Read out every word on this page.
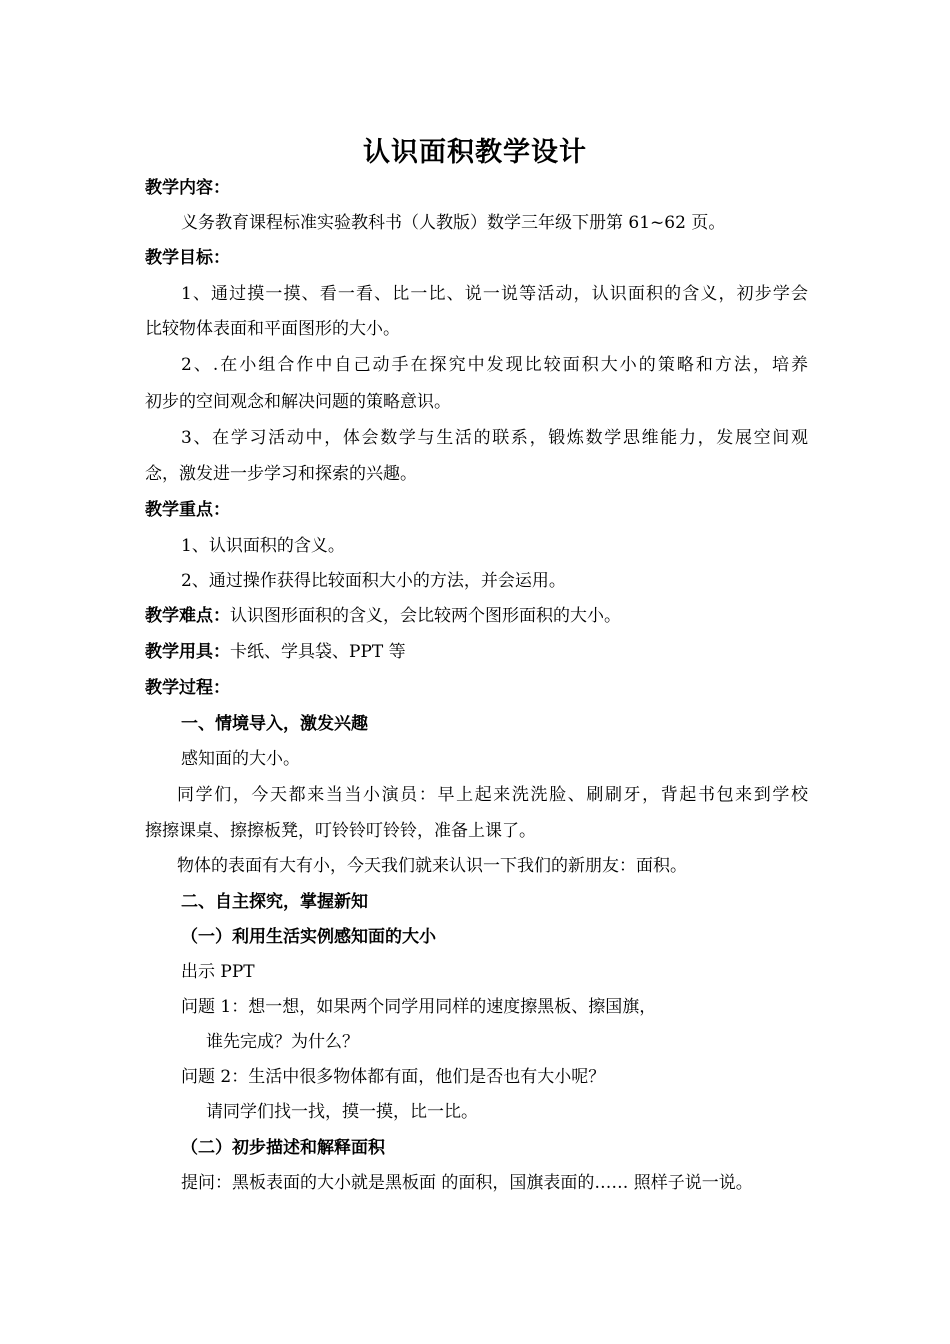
认识面积教学设计
教学内容：
义务教育课程标准实验教科书（人教版）数学三年级下册第 61~62 页。
教学目标：
1、通过摸一摸、看一看、比一比、说一说等活动，认识面积的含义，初步学会
比较物体表面和平面图形的大小。
2、.在小组合作中自己动手在探究中发现比较面积大小的策略和方法，培养
初步的空间观念和解决问题的策略意识。
3、在学习活动中，体会数学与生活的联系，锻炼数学思维能力，发展空间观
念，激发进一步学习和探索的兴趣。
教学重点：
1、认识面积的含义。
2、通过操作获得比较面积大小的方法，并会运用。
教学难点：认识图形面积的含义，会比较两个图形面积的大小。
教学用具：卡纸、学具袋、PPT 等
教学过程：
一、情境导入，激发兴趣
感知面的大小。
同学们，今天都来当当小演员：早上起来洗洗脸、刷刷牙，背起书包来到学校
擦擦课桌、擦擦板凳，叮铃铃叮铃铃，准备上课了。
物体的表面有大有小，今天我们就来认识一下我们的新朋友：面积。
二、自主探究，掌握新知
（一）利用生活实例感知面的大小
出示 PPT
问题 1：想一想，如果两个同学用同样的速度擦黑板、擦国旗，
谁先完成？为什么？
问题 2：生活中很多物体都有面，他们是否也有大小呢？
请同学们找一找，摸一摸，比一比。
（二）初步描述和解释面积
提问：黑板表面的大小就是黑板面 的面积，国旗表面的…… 照样子说一说。
